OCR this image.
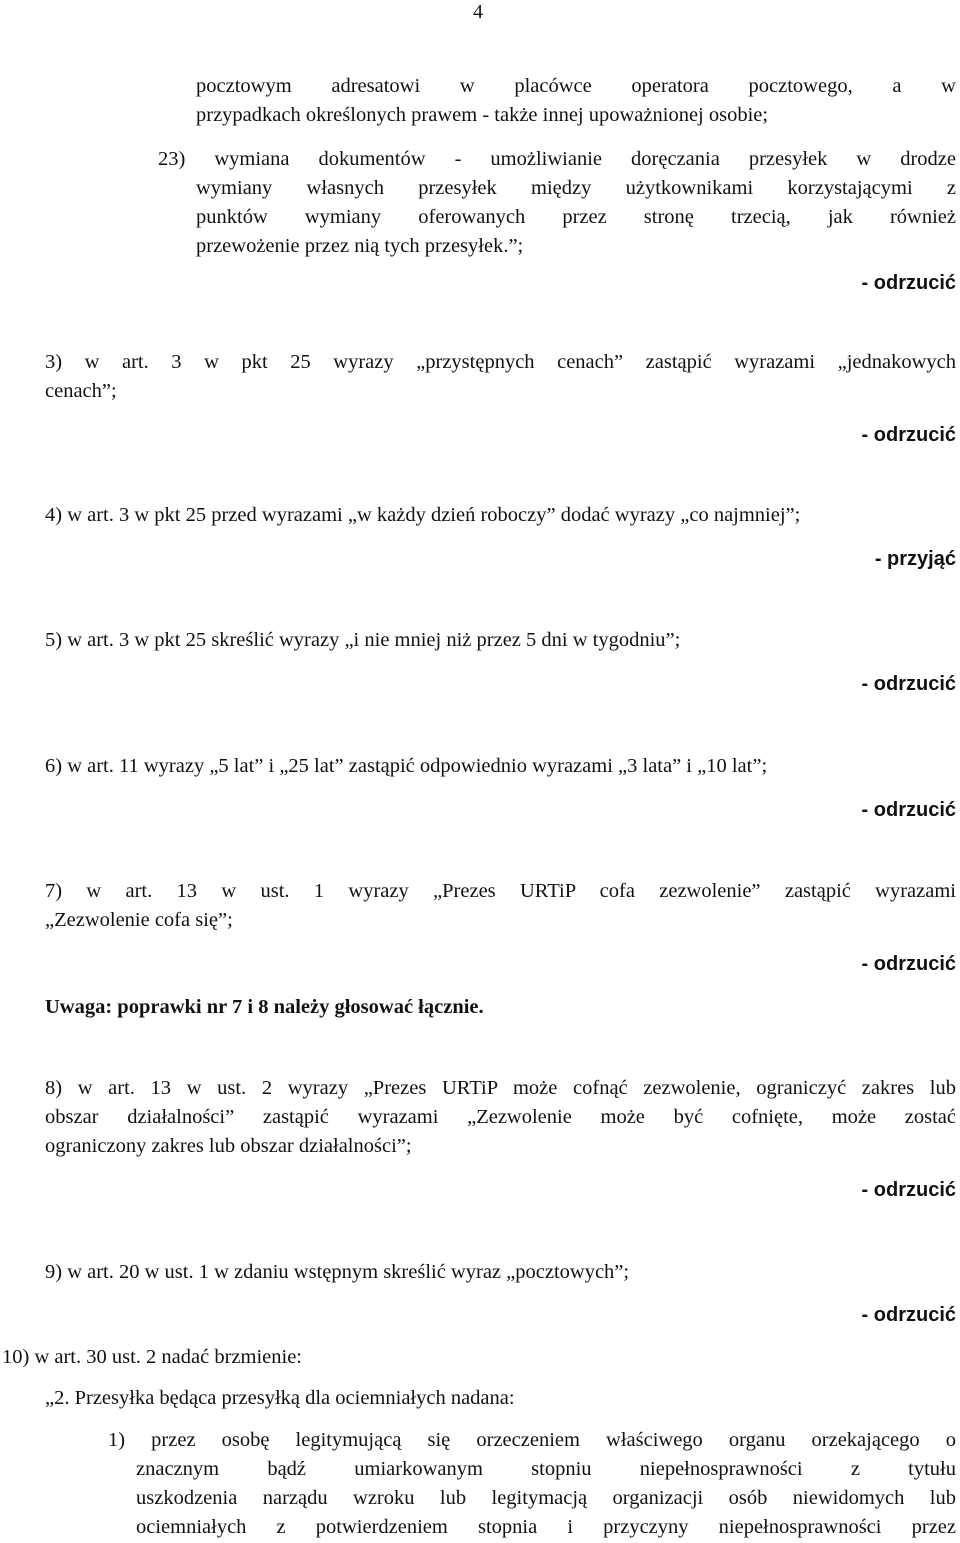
4
pocztowym adresatowi w placówce operatora pocztowego, a w
przypadkach określonych prawem - także innej upoważnionej osobie;
23) wymiana dokumentów - umożliwianie doręczania przesyłek w drodze
wymiany własnych przesyłek między użytkownikami korzystającymi z
punktów wymiany oferowanych przez stronę trzecią, jak również
przewożenie przez nią tych przesyłek.”;
- odrzucić
3) w art. 3 w pkt 25 wyrazy „przystępnych cenach” zastąpić wyrazami „jednakowych
cenach”;
- odrzucić
4) w art. 3 w pkt 25 przed wyrazami „w każdy dzień roboczy” dodać wyrazy „co najmniej”;
- przyjąć
5) w art. 3 w pkt 25 skreślić wyrazy „i nie mniej niż przez 5 dni w tygodniu”;
- odrzucić
6) w art. 11 wyrazy „5 lat” i „25 lat” zastąpić odpowiednio wyrazami „3 lata” i „10 lat”;
- odrzucić
7) w art. 13 w ust. 1 wyrazy „Prezes URTiP cofa zezwolenie” zastąpić wyrazami
„Zezwolenie cofa się”;
- odrzucić
Uwaga: poprawki nr 7 i 8 należy głosować łącznie.
8) w art. 13 w ust. 2 wyrazy „Prezes URTiP może cofnąć zezwolenie, ograniczyć zakres lub
obszar działalności” zastąpić wyrazami „Zezwolenie może być cofnięte, może zostać
ograniczony zakres lub obszar działalności”;
- odrzucić
9) w art. 20 w ust. 1 w zdaniu wstępnym skreślić wyraz „pocztowych”;
- odrzucić
10) w art. 30 ust. 2 nadać brzmienie:
„2. Przesyłka będąca przesyłką dla ociemniałych nadana:
1) przez osobę legitymującą się orzeczeniem właściwego organu orzekającego o
znacznym bądź umiarkowanym stopniu niepełnosprawności z tytułu
uszkodzenia narządu wzroku lub legitymacją organizacji osób niewidomych lub
ociemniałych z potwierdzeniem stopnia i przyczyny niepełnosprawności przez
